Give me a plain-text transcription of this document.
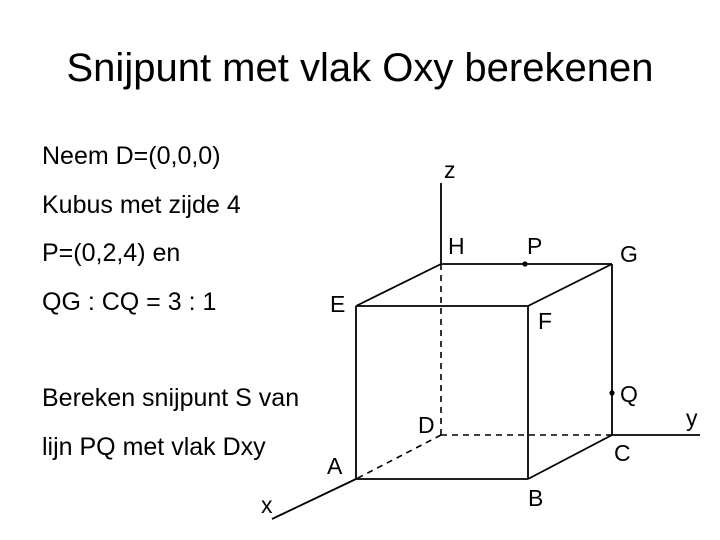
Snijpunt met vlak Oxy berekenen
Neem D=(0,0,0)
Kubus met zijde 4
P=(0,2,4) en
QG : CQ = 3 : 1
Bereken snijpunt S van
lijn PQ met vlak Dxy
z
y
x
H	G
E
F
D
C
A
B
P
Q
